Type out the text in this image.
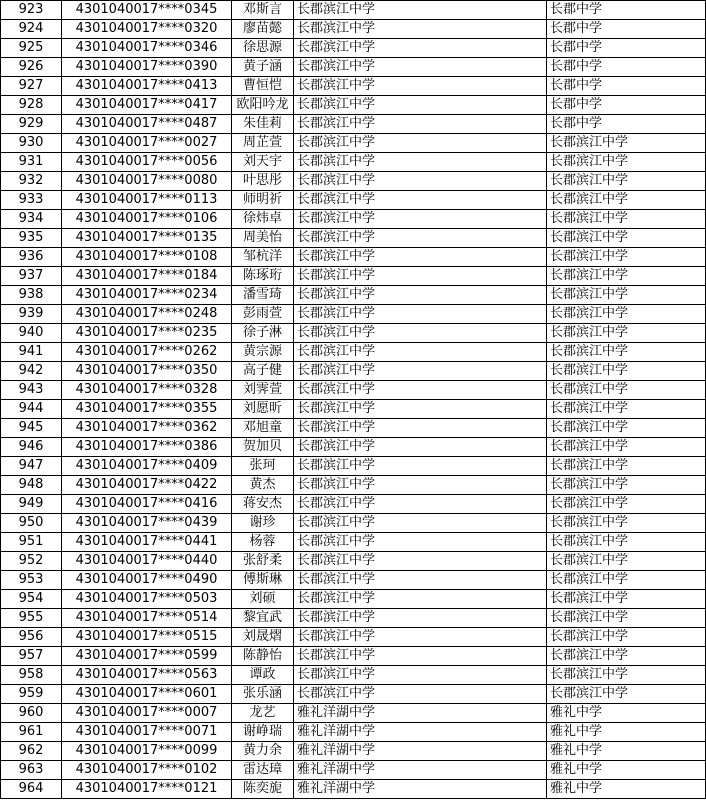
923	4301040017****0345	邓斯言	长郡滨江中学	长郡中学
924	4301040017****0320	廖苗懿	长郡滨江中学	长郡中学
925	4301040017****0346	徐思源	长郡滨江中学	长郡中学
926	4301040017****0390	黄子涵	长郡滨江中学	长郡中学
927	4301040017****0413	曹恒恺	长郡滨江中学	长郡中学
928	4301040017****0417	欧阳吟龙	长郡滨江中学	长郡中学
929	4301040017****0487	朱佳莉	长郡滨江中学	长郡中学
930	4301040017****0027	周芷萱	长郡滨江中学	长郡滨江中学
931	4301040017****0056	刘天宇	长郡滨江中学	长郡滨江中学
932	4301040017****0080	叶思彤	长郡滨江中学	长郡滨江中学
933	4301040017****0113	师明祈	长郡滨江中学	长郡滨江中学
934	4301040017****0106	徐炜卓	长郡滨江中学	长郡滨江中学
935	4301040017****0135	周美怡	长郡滨江中学	长郡滨江中学
936	4301040017****0108	邹杭洋	长郡滨江中学	长郡滨江中学
937	4301040017****0184	陈琢珩	长郡滨江中学	长郡滨江中学
938	4301040017****0234	潘雪琦	长郡滨江中学	长郡滨江中学
939	4301040017****0248	彭雨萱	长郡滨江中学	长郡滨江中学
940	4301040017****0235	徐子淋	长郡滨江中学	长郡滨江中学
941	4301040017****0262	黄宗源	长郡滨江中学	长郡滨江中学
942	4301040017****0350	高子健	长郡滨江中学	长郡滨江中学
943	4301040017****0328	刘霁萱	长郡滨江中学	长郡滨江中学
944	4301040017****0355	刘愿昕	长郡滨江中学	长郡滨江中学
945	4301040017****0362	邓旭童	长郡滨江中学	长郡滨江中学
946	4301040017****0386	贺加贝	长郡滨江中学	长郡滨江中学
947	4301040017****0409	张珂	长郡滨江中学	长郡滨江中学
948	4301040017****0422	黄杰	长郡滨江中学	长郡滨江中学
949	4301040017****0416	蒋安杰	长郡滨江中学	长郡滨江中学
950	4301040017****0439	谢珍	长郡滨江中学	长郡滨江中学
951	4301040017****0441	杨蓉	长郡滨江中学	长郡滨江中学
952	4301040017****0440	张舒柔	长郡滨江中学	长郡滨江中学
953	4301040017****0490	傅斯琳	长郡滨江中学	长郡滨江中学
954	4301040017****0503	刘硕	长郡滨江中学	长郡滨江中学
955	4301040017****0514	黎宜武	长郡滨江中学	长郡滨江中学
956	4301040017****0515	刘晟熠	长郡滨江中学	长郡滨江中学
957	4301040017****0599	陈静怡	长郡滨江中学	长郡滨江中学
958	4301040017****0563	谭政	长郡滨江中学	长郡滨江中学
959	4301040017****0601	张乐涵	长郡滨江中学	长郡滨江中学
960	4301040017****0007	龙艺	雅礼洋湖中学	雅礼中学
961	4301040017****0071	谢峥瑞	雅礼洋湖中学	雅礼中学
962	4301040017****0099	黄力余	雅礼洋湖中学	雅礼中学
963	4301040017****0102	雷达璋	雅礼洋湖中学	雅礼中学
964	4301040017****0121	陈奕旎	雅礼洋湖中学	雅礼中学
